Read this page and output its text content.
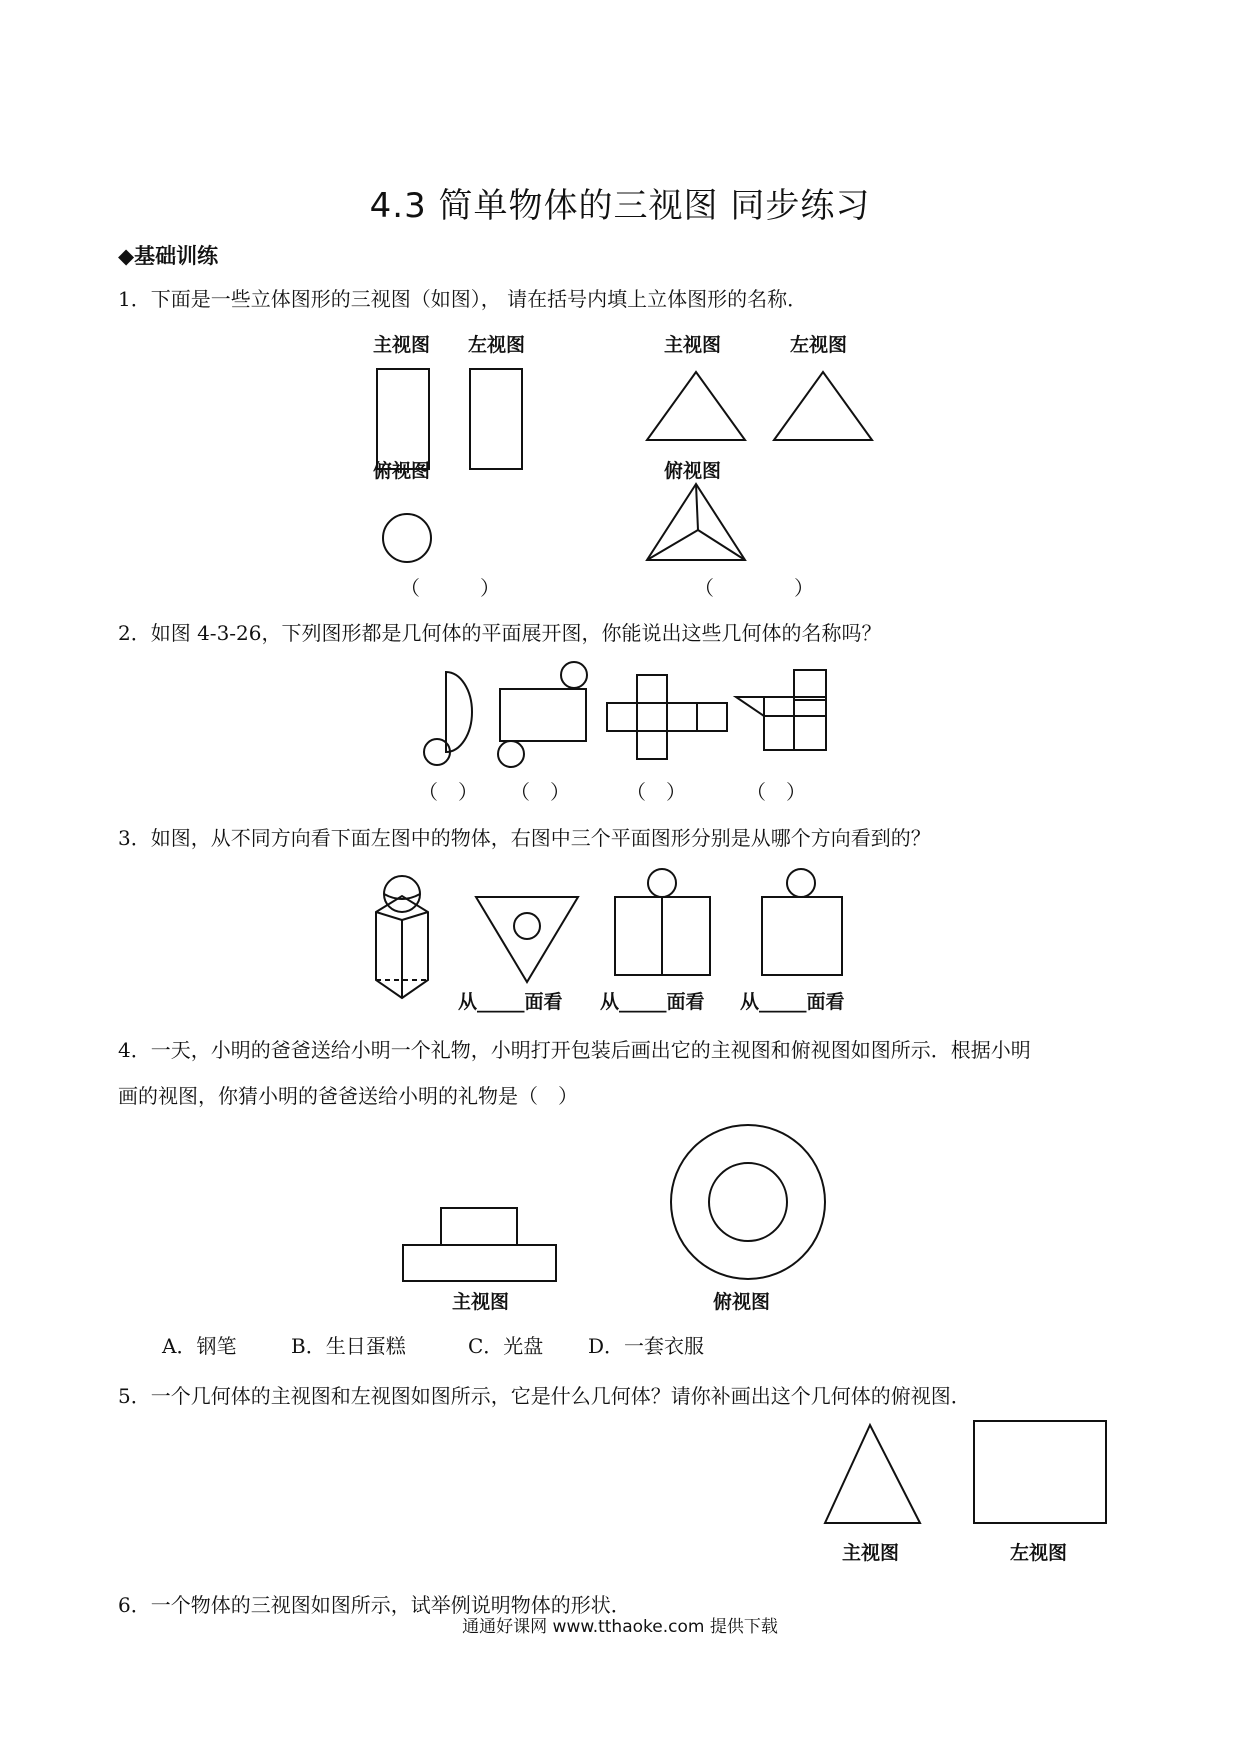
4.3 简单物体的三视图 同步练习
◆基础训练
1．下面是一些立体图形的三视图（如图）， 请在括号内填上立体图形的名称．
主视图 左视图	主视图	左视图
俯视图	俯视图
（　　　）	（　　　　）
2．如图 4-3-26，下列图形都是几何体的平面展开图，你能说出这些几何体的名称吗？
（　） （　）	（　）	（　）
3．如图，从不同方向看下面左图中的物体，右图中三个平面图形分别是从哪个方向看到的？
从_____面看 从_____面看 从_____面看
4．一天，小明的爸爸送给小明一个礼物，小明打开包装后画出它的主视图和俯视图如图所示．根据小明
画的视图，你猜小明的爸爸送给小明的礼物是（　）
主视图	俯视图
A．钢笔	B．生日蛋糕	C．光盘 D．一套衣服
5．一个几何体的主视图和左视图如图所示，它是什么几何体？请你补画出这个几何体的俯视图．
主视图	左视图
6．一个物体的三视图如图所示，试举例说明物体的形状．
通通好课网 www.tthaoke.com 提供下载
